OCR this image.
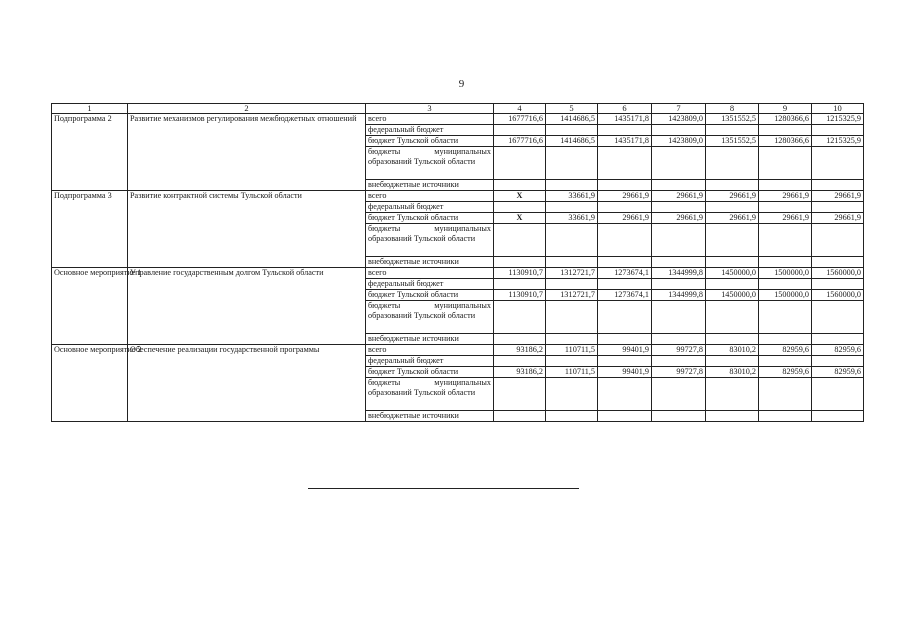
9
1	2	3	4	5	6	7	8	9	10
Подпрограмма 2	Развитие механизмов регулирования межбюджетных отношений	всего	1677716,6	1414686,5	1435171,8	1423809,0	1351552,5	1280366,6	1215325,9
		федеральный бюджет							
		бюджет Тульской области	1677716,6	1414686,5	1435171,8	1423809,0	1351552,5	1280366,6	1215325,9
		бюджеты муниципальных образований Тульской области							
		внебюджетные источники							
Подпрограмма 3	Развитие контрактной системы Тульской области	всего	X	33661,9	29661,9	29661,9	29661,9	29661,9	29661,9
		федеральный бюджет							
		бюджет Тульской области	X	33661,9	29661,9	29661,9	29661,9	29661,9	29661,9
		бюджеты муниципальных образований Тульской области							
		внебюджетные источники							
Основное мероприятие 1	Управление государственным долгом Тульской области	всего	1130910,7	1312721,7	1273674,1	1344999,8	1450000,0	1500000,0	1560000,0
		федеральный бюджет							
		бюджет Тульской области	1130910,7	1312721,7	1273674,1	1344999,8	1450000,0	1500000,0	1560000,0
		бюджеты муниципальных образований Тульской области							
		внебюджетные источники							
Основное мероприятие 2	Обеспечение реализации государственной программы	всего	93186,2	110711,5	99401,9	99727,8	83010,2	82959,6	82959,6
		федеральный бюджет							
		бюджет Тульской области	93186,2	110711,5	99401,9	99727,8	83010,2	82959,6	82959,6
		бюджеты муниципальных образований Тульской области							
		внебюджетные источники							
